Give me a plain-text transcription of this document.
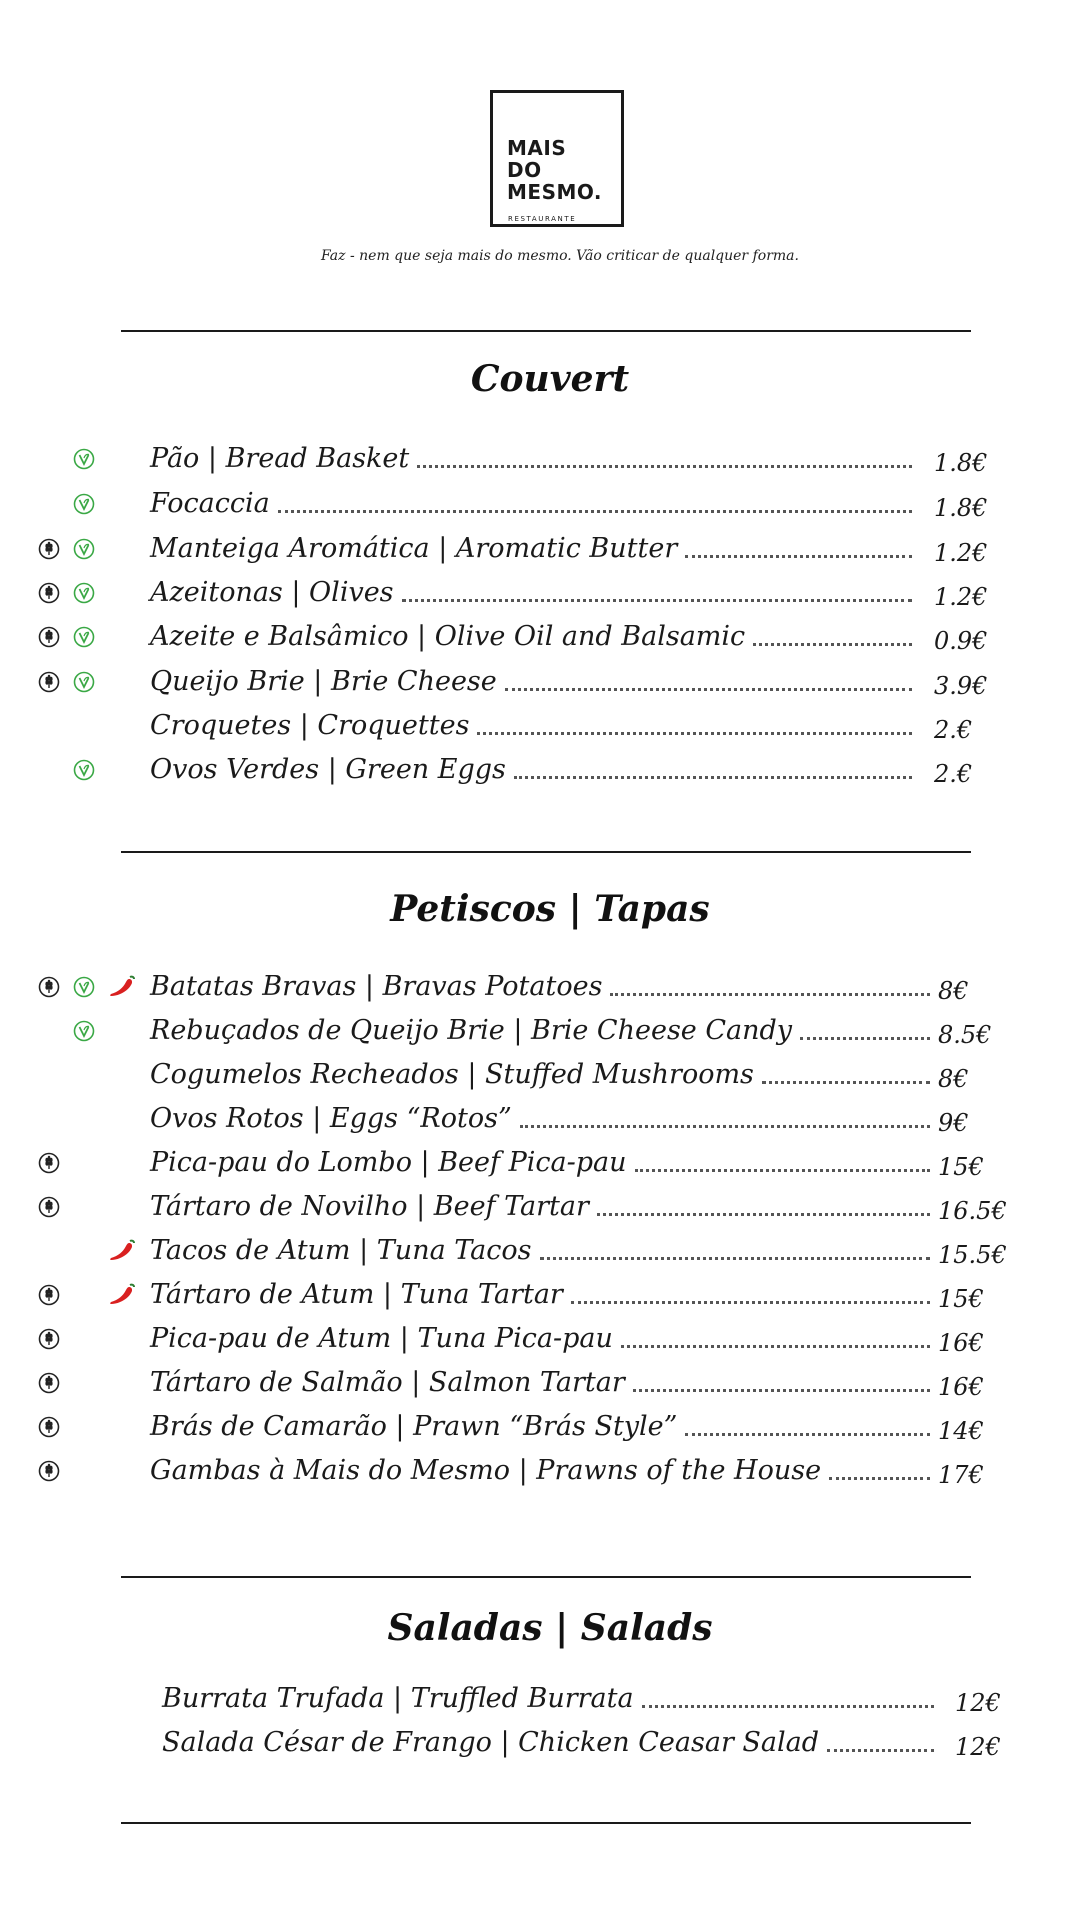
MAIS
DO
MESMO.
RESTAURANTE
Faz - nem que seja mais do mesmo. Vão criticar de qualquer forma.
Couvert
Pão | Bread Basket	1.8€
Focaccia	1.8€
Manteiga Aromática | Aromatic Butter	1.2€
Azeitonas | Olives	1.2€
Azeite e Balsâmico | Olive Oil and Balsamic	0.9€
Queijo Brie | Brie Cheese	3.9€
Croquetes | Croquettes	2.€
Ovos Verdes | Green Eggs	2.€
Petiscos | Tapas
Batatas Bravas | Bravas Potatoes	8€
Rebuçados de Queijo Brie | Brie Cheese Candy	8.5€
Cogumelos Recheados | Stuffed Mushrooms	8€
Ovos Rotos | Eggs “Rotos”	9€
Pica-pau do Lombo | Beef Pica-pau	15€
Tártaro de Novilho | Beef Tartar	16.5€
Tacos de Atum | Tuna Tacos	15.5€
Tártaro de Atum | Tuna Tartar	15€
Pica-pau de Atum | Tuna Pica-pau	16€
Tártaro de Salmão | Salmon Tartar	16€
Brás de Camarão | Prawn “Brás Style”	14€
Gambas à Mais do Mesmo | Prawns of the House	17€
Saladas | Salads
Burrata Trufada | Truffled Burrata	12€
Salada César de Frango | Chicken Ceasar Salad	12€
